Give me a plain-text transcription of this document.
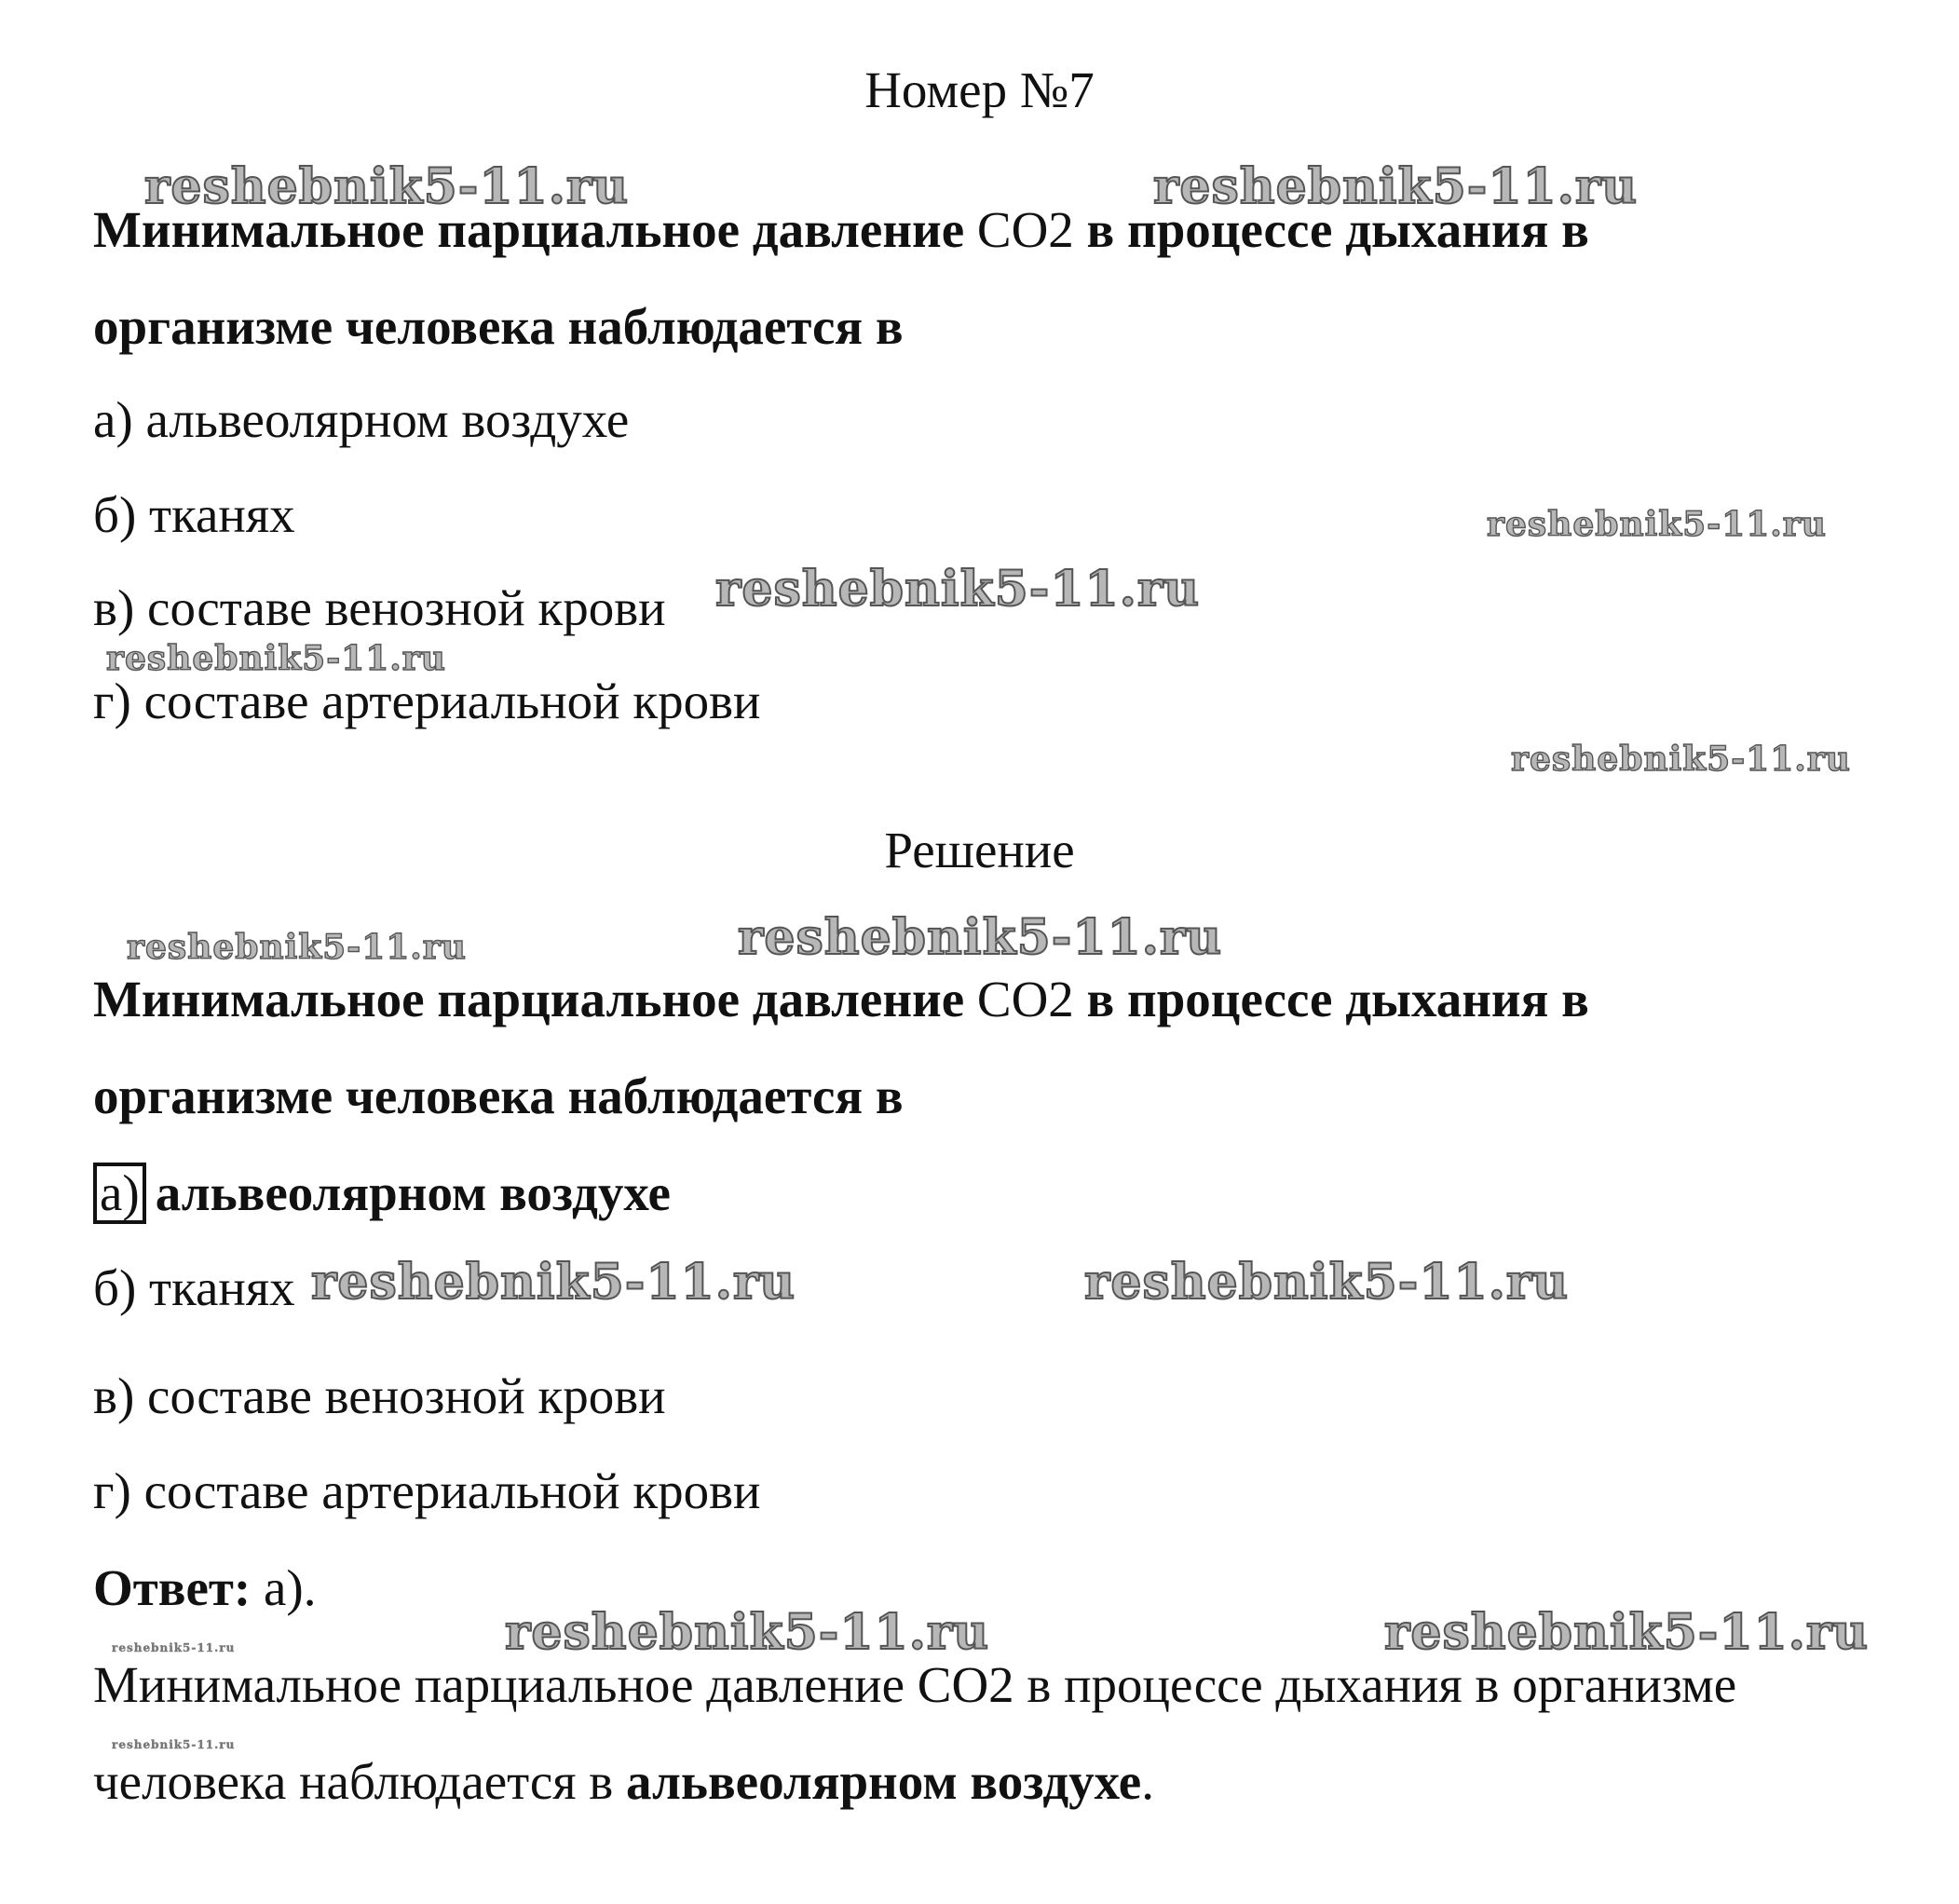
Номер №7
Минимальное парциальное давление CO2 в процессе дыхания в
организме человека наблюдается в
а) альвеолярном воздухе
б) тканях
в) составе венозной крови
г) составе артериальной крови
Решение
Минимальное парциальное давление CO2 в процессе дыхания в
организме человека наблюдается в
а) альвеолярном воздухе
б) тканях
в) составе венозной крови
г) составе артериальной крови
Ответ: а).
Минимальное парциальное давление CO2 в процессе дыхания в организме
человека наблюдается в альвеолярном воздухе.
reshebnik5-11.ru	reshebnik5-11.ru
reshebnik5-11.ru
reshebnik5-11.ru
reshebnik5-11.ru
reshebnik5-11.ru
reshebnik5-11.ru	reshebnik5-11.ru
reshebnik5-11.ru	reshebnik5-11.ru
reshebnik5-11.ru	reshebnik5-11.ru
reshebnik5-11.ru
reshebnik5-11.ru
